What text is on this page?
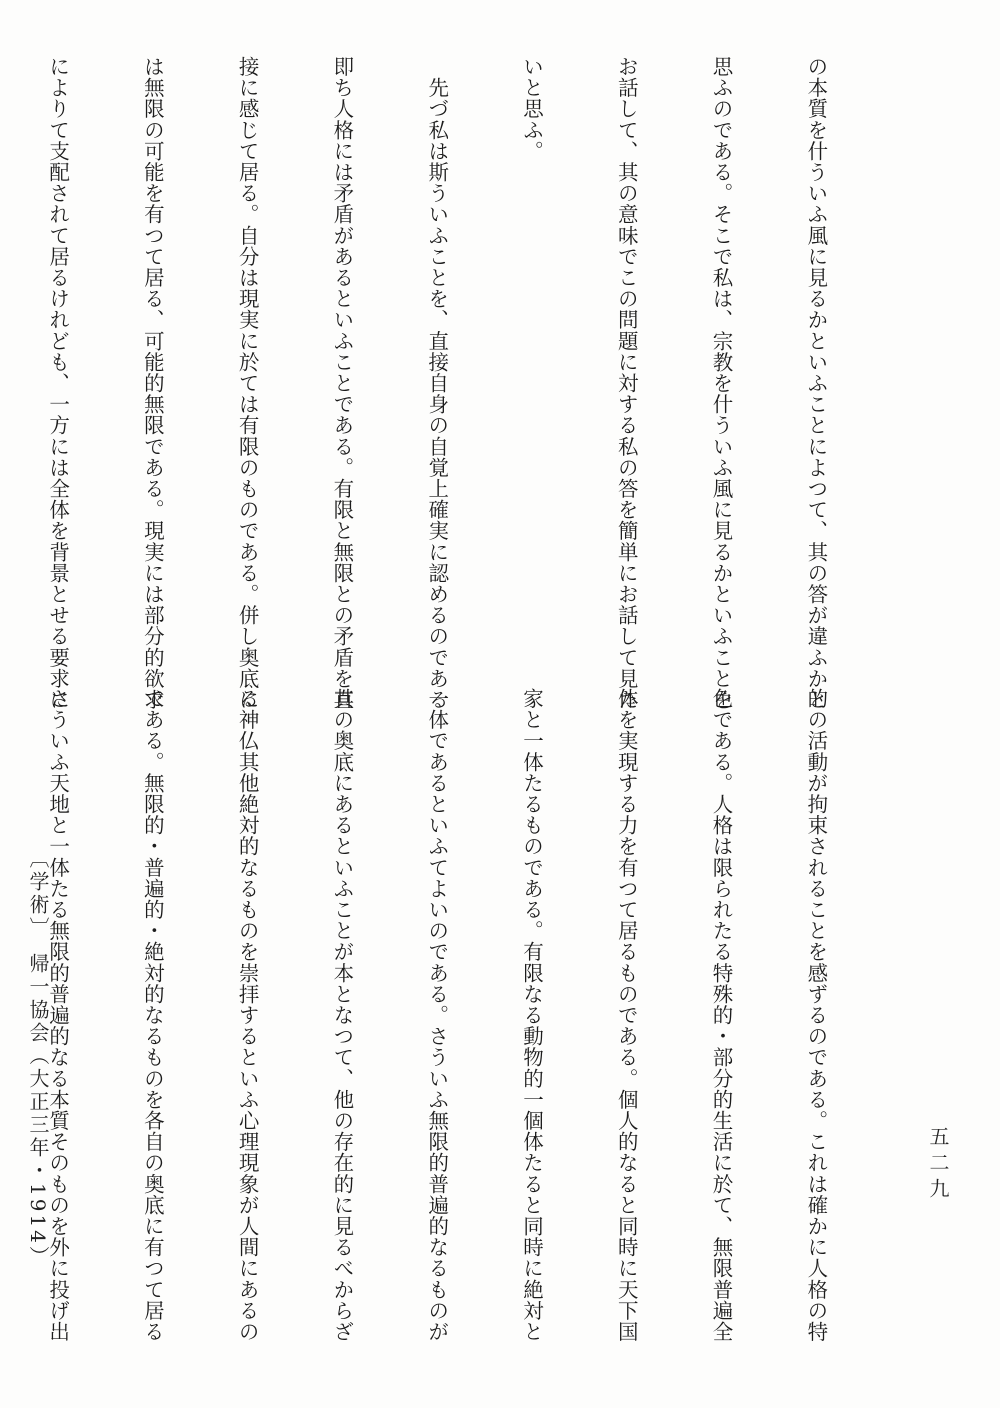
の本質を什ういふ風に見るかといふことによつて、其の答が違ふかと

思ふのである。そこで私は、宗教を什ういふ風に見るかといふことを

お話して、其の意味でこの問題に対する私の答を簡単にお話して見た

いと思ふ。

　先づ私は斯ういふことを、直接自身の自覚上確実に認めるのである

即ち人格には矛盾があるといふことである。有限と無限との矛盾を直

接に感じて居る。自分は現実に於ては有限のものである。併し奥底に

は無限の可能を有つて居る、可能的無限である。現実には部分的欲求

によりて支配されて居るけれども、一方には全体を背景とせる要求に

的の活動が拘束されることを感ずるのである。これは確かに人格の特

色である。人格は限られたる特殊的・部分的生活に於て、無限普遍全

体を実現する力を有つて居るものである。個人的なると同時に天下国

家と一体たるものである。有限なる動物的一個体たると同時に絶対と

一体であるといふてよいのである。さういふ無限的普遍的なるものが

其の奥底にあるといふことが本となつて、他の存在的に見るべからざ

る神仏其他絶対的なるものを崇拝するといふ心理現象が人間にあるの

である。無限的・普遍的・絶対的なるものを各自の奥底に有つて居る

さういふ天地と一体たる無限的普遍的なる本質そのものを外に投げ出

〔学術〕　帰一協会（大正三年・1914）	五二九
